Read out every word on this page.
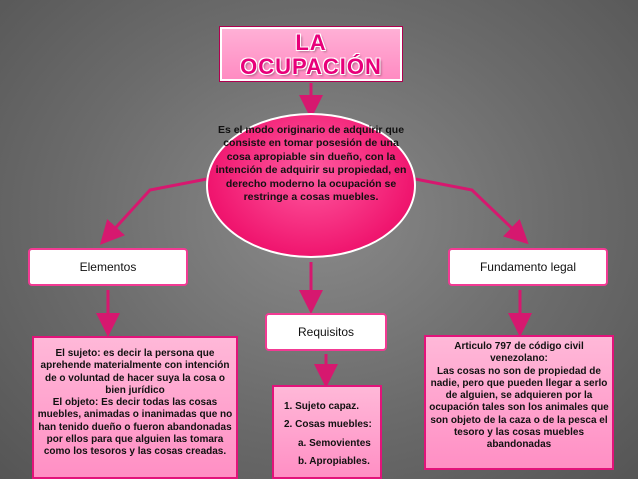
LA
OCUPACIÓN
Es el modo originario de adquirir que consiste en tomar posesión de una cosa apropiable sin dueño, con la intención de adquirir su propiedad, en derecho moderno la ocupación se restringe a cosas muebles.
Elementos	Fundamento legal
Requisitos
El sujeto: es decir la persona que aprehende materialmente con intención de o voluntad de hacer suya la cosa o bien jurídico
El objeto: Es decir todas las cosas muebles, animadas o inanimadas que no han tenido dueño o fueron abandonadas por ellos para que alguien las tomara como los tesoros y las cosas creadas.
1. Sujeto capaz.
2. Cosas muebles:
a. Semovientes
b. Apropiables.
Articulo 797 de código civil venezolano:
Las cosas no son de propiedad de nadie, pero que pueden llegar a serlo de alguien, se adquieren por la ocupación tales son los animales que son objeto de la caza o de la pesca el tesoro y las cosas muebles abandonadas
